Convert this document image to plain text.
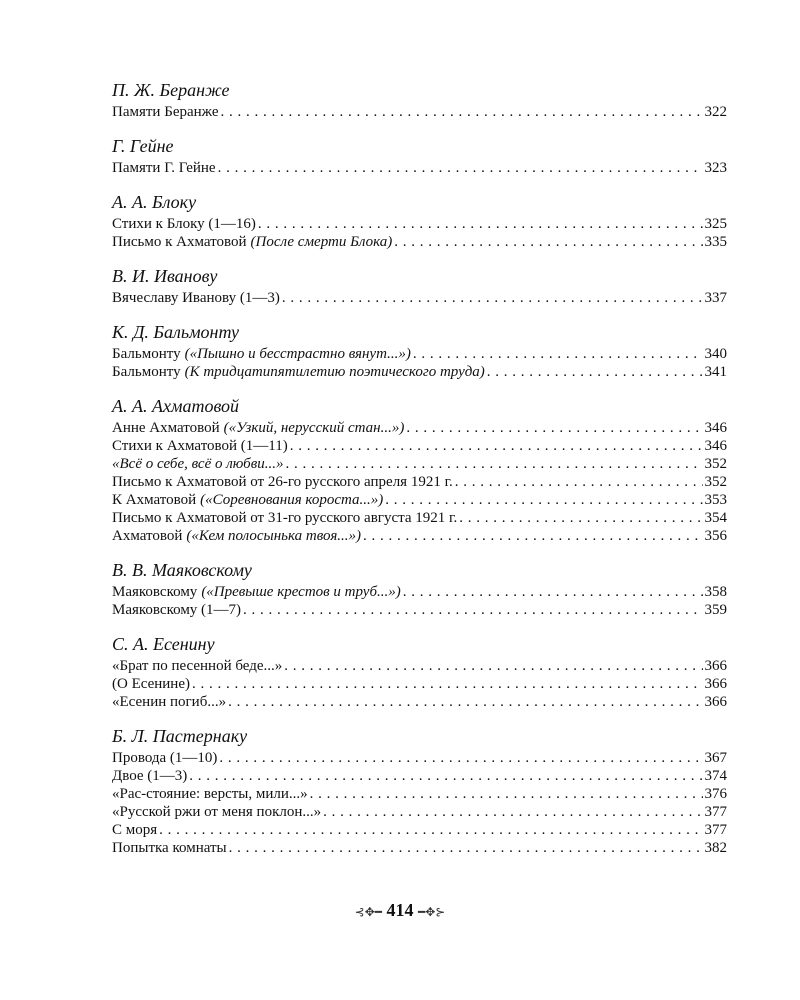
П. Ж. Беранже
Памяти Беранже . . .	322
Г. Гейне
Памяти Г. Гейне . . .	323
А. А. Блоку
Стихи к Блоку (1—16) . . .	325
Письмо к Ахматовой (После смерти Блока) . . .	335
В. И. Иванову
Вячеславу Иванову (1—3) . . .	337
К. Д. Бальмонту
Бальмонту («Пышно и бесстрастно вянут...») . . .	340
Бальмонту (К тридцатипятилетию поэтического труда) . . .	341
А. А. Ахматовой
Анне Ахматовой («Узкий, нерусский стан...») . . .	346
Стихи к Ахматовой (1—11) . . .	346
«Всё о себе, всё о любви...» . . .	352
Письмо к Ахматовой от 26-го русского апреля 1921 г. . . .	352
К Ахматовой («Соревнования короста...») . . .	353
Письмо к Ахматовой от 31-го русского августа 1921 г. . . .	354
Ахматовой («Кем полосынька твоя...») . . .	356
В. В. Маяковскому
Маяковскому («Превыше крестов и труб...») . . .	358
Маяковскому (1—7) . . .	359
С. А. Есенину
«Брат по песенной беде...» . . .	366
(О Есенине) . . .	366
«Есенин погиб...» . . .	366
Б. Л. Пастернаку
Провода (1—10) . . .	367
Двое (1—3) . . .	374
«Рас-стояние: версты, мили...» . . .	376
«Русской ржи от меня поклон...» . . .	377
С моря . . .	377
Попытка комнаты . . .	382
⊰✥━ 414 ━✥⊱
